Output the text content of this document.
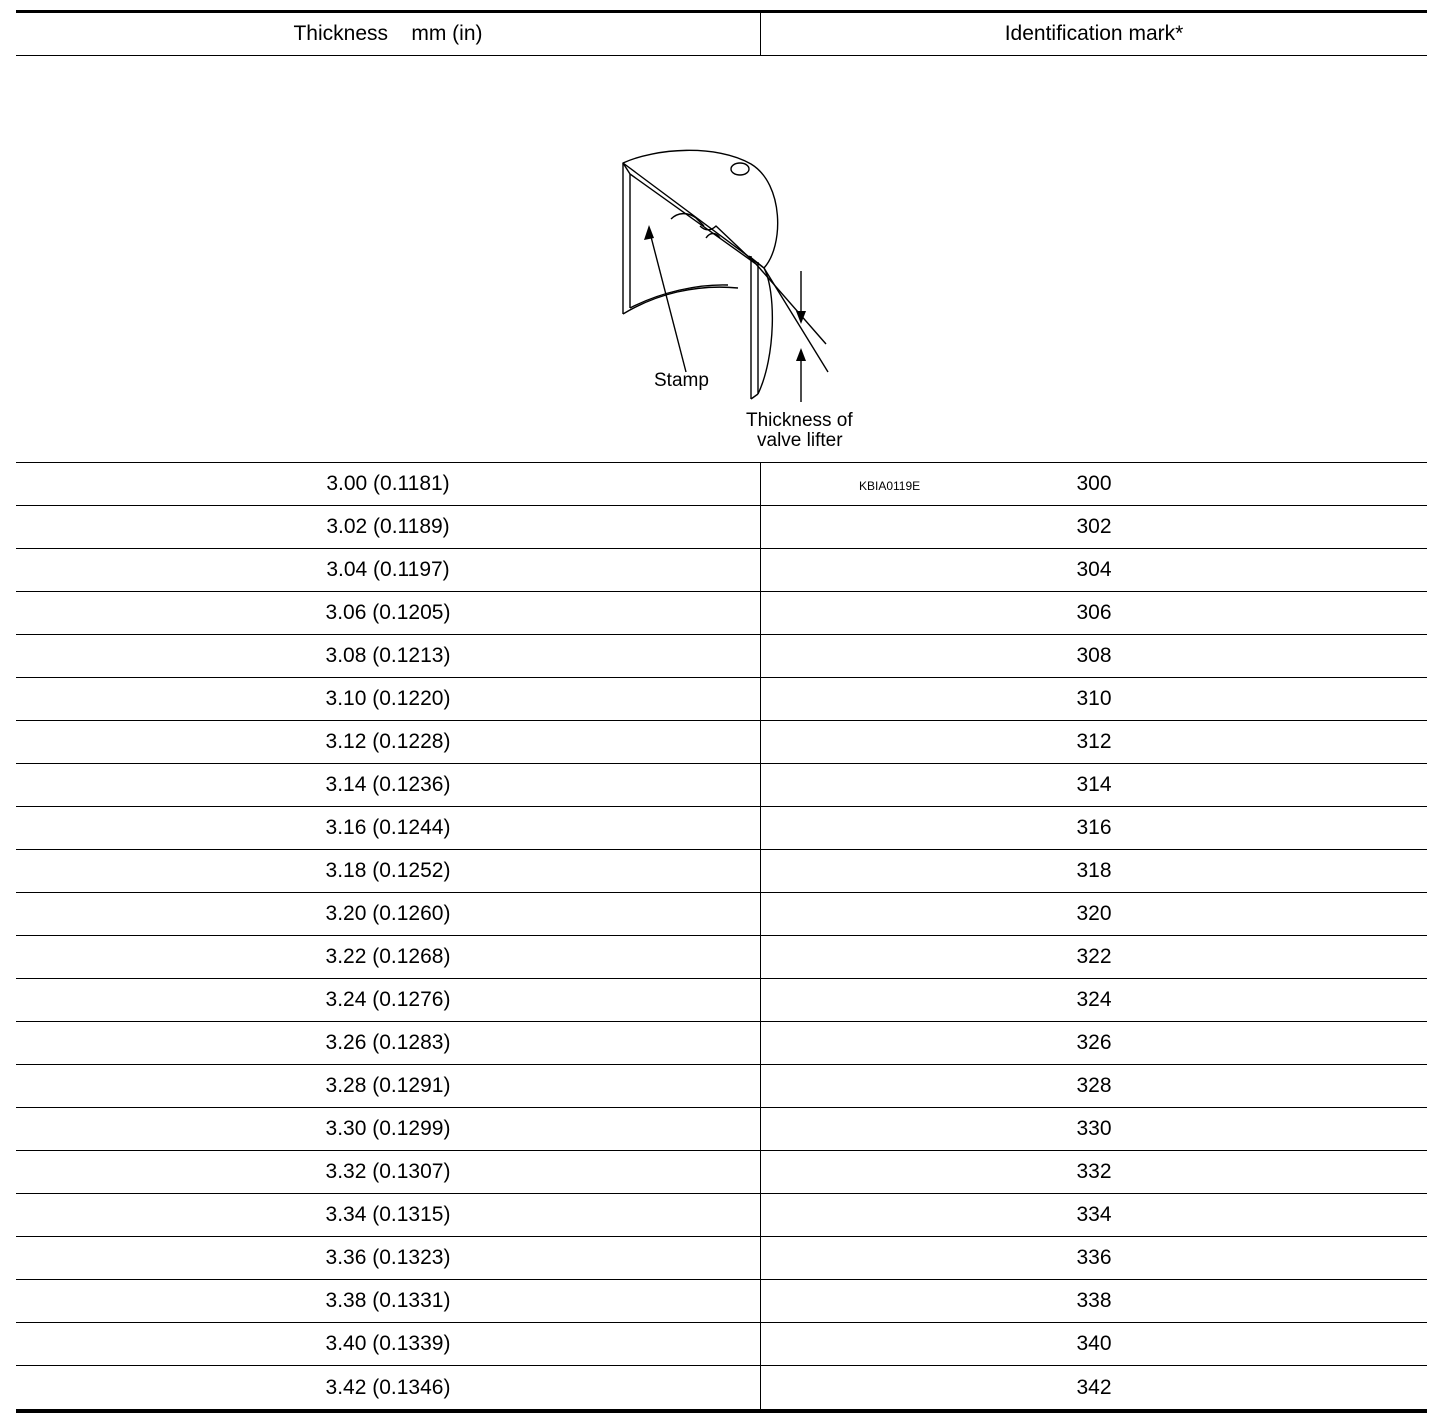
Thickness    mm (in)	Identification mark*
Stamp
Thickness of
valve lifter
KBIA0119E
3.00 (0.1181)	300
3.02 (0.1189)	302
3.04 (0.1197)	304
3.06 (0.1205)	306
3.08 (0.1213)	308
3.10 (0.1220)	310
3.12 (0.1228)	312
3.14 (0.1236)	314
3.16 (0.1244)	316
3.18 (0.1252)	318
3.20 (0.1260)	320
3.22 (0.1268)	322
3.24 (0.1276)	324
3.26 (0.1283)	326
3.28 (0.1291)	328
3.30 (0.1299)	330
3.32 (0.1307)	332
3.34 (0.1315)	334
3.36 (0.1323)	336
3.38 (0.1331)	338
3.40 (0.1339)	340
3.42 (0.1346)	342
